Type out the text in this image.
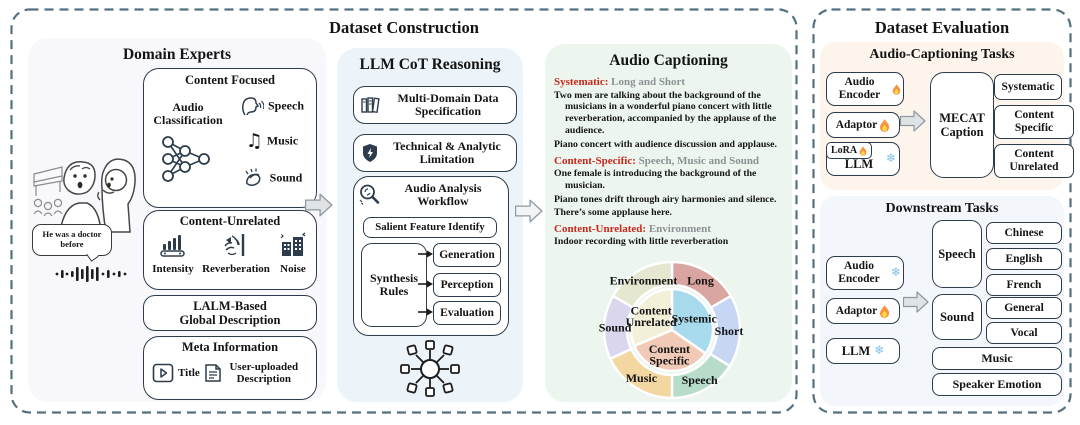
Dataset Construction	Dataset Evaluation
Domain Experts
He was a doctor before
Content Focused
Audio Classification
Speech
♫ Music
Sound
Content-Unrelated
Intensity Reverberation Noise
LALM-Based
Global Description
Meta Information
Title	User-uploaded Description
LLM CoT Reasoning
Multi-Domain Data Specification
Technical & Analytic Limitation
Audio Analysis Workflow
Salient Feature Identify
Synthesis Rules
Generation
Perception
Evaluation
Audio Captioning
Systematic: Long and Short
Two men are talking about the background of the musicians in a wonderful piano concert with little reverberation, accompanied by the applause of the audience.
Piano concert with audience discussion and applause.
Content-Specific: Speech, Music and Sound
One female is introducing the background of the musician.
Piano tones drift through airy harmonies and silence.
There’s some applause here.
Content-Unrelated: Environment
Indoor recording with little reverberation
Systemic
Content Specific
Content Unrelated
Long
Short
Speech
Music
Sound
Environment
Audio-Captioning Tasks
Audio Encoder
Adaptor
LoRA
LLM	❄
MECAT Caption
Systematic
Content Specific
Content Unrelated
Downstream Tasks
Audio Encoder ❄
Adaptor
LLM ❄
Speech
Chinese
English
French
Sound
General
Vocal
Music
Speaker Emotion
